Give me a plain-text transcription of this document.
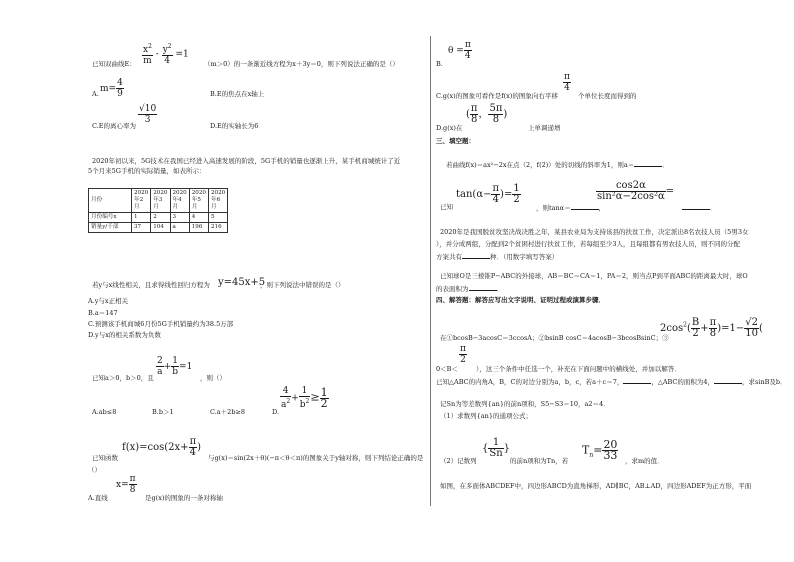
$\frac{x^2}{m} - \frac{y^2}{4} =1$
已知双曲线E：	（m＞0）的一条渐近线方程为x＋3y＝0，则下列说法正确的是（）
A. $m= \frac{4}{9}$	B.E的焦点在x轴上
C.E的离心率为
$\frac{√10}{3}$
D.E的实轴长为6
2020年初以来，5G技术在我国已经进入高速发展的阶段，5G手机的销量也逐渐上升，某手机商城统计了近
5个月来5G手机的实际销量，如表所示：
月份	2020年2月	2020年3月	2020年4月	2020年5月	2020年6月
月份编号x	1	2	3	4	5
销量y/千部	37	104	a	196	216
若y与x线性相关，且求得线性回归方程为 y=45x+5
，则下列说法中错误的是（）
A.y与x正相关
B.a＝147
C.预测该手机商城6月份5G手机销量约为38.5万部
D.y与x的相关系数为负数
已知a＞0，b＞0，且
$\frac{2}{a} + \frac{1}{b} =1$
，则（）
A.ab≤8	B.b＞1	C.a＋2b≥8	D.
$\frac{4}{a^2} + \frac{1}{b^2} \ge \frac{1}{2}$
$f(x)=\cos(2x+ \frac{\pi}{4}$ )
已知函数	与g(x)＝sin(2x＋θ)(−π＜θ＜π)的图象关于y轴对称，则下列结论正确的是
（）
A.直线
$x= \frac{\pi}{8}$
是g(x)的图象的一条对称轴
B.
$\theta = \frac{\pi}{4}$
C.g(x)的图象可看作是f(x)的图象向右平移
$\frac{\pi}{4}$
个单位长度而得到的
D.g(x)在
( $\frac{\pi}{8}$ ， $\frac{5\pi}{8}$ )
上单调递增
三、填空题：
若曲线f(x)＝ax²−2x在点（2，f(2)）处的切线的斜率为1，则a＝	．
已知
$\tan(\alpha- \frac{\pi}{4}$ )= $\frac{1}{2}$
，则tanα＝	，
$\frac{\cos 2\alpha}{\text{sin²α−2cos²α}}$ =
．
2020年是我国脱贫攻坚决战决胜之年，某县农业局为支持该县的扶贫工作，决定派出8名农技人员（5男3女
），并分成两组，分配到2个贫困村进行扶贫工作，若每组至少3人，且每组都有男农技人员，则不同的分配
方案共有	种．（用数字填写答案）
已知球O是三棱锥P−ABC的外接球，AB＝BC＝CA＝1，PA＝2，则当点P到平面ABC的距离最大时，球O
的表面积为	．
四、解答题：解答应写出文字说明、证明过程或演算步骤．
在①bcosB−3acosC＝3ccosA；②bsinB cosC＝4acosB−3bcosBsinC；③
$2\cos^2( \frac{B}{2} + \frac{\pi}{8} )=1- \frac{√2}{10}$ (
$\frac{\pi}{2}$
0＜B＜	），这三个条件中任选一个，补充在下面问题中的横线处，并加以解答．
已知△ABC的内角A，B，C的对边分别为a，b，c，若a＋c＝7，	，△ABC的面积为4，	，求sinB及b．
记Sn为等差数列{an}的前n项和，S5−S3＝10，a2＝4．
（1）求数列{an}的通项公式；
（2）记数列
{ $\frac{1}{Sn}$ }
的前n项和为Tn，若
$T_n= \frac{20}{33}$ ，求m的值．
如图，在多面体ABCDEF中，四边形ABCD为直角梯形，AD∥BC，AB⊥AD，四边形ADEF为正方形，平面
